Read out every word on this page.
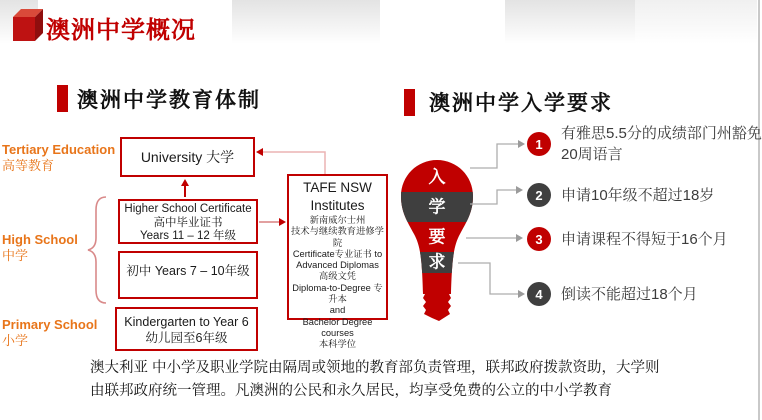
澳洲中学概况
澳洲中学教育体制	澳洲中学入学要求
Tertiary Education
高等教育
High School
中学
Primary School
小学
University 大学
Higher School Certificate
高中毕业证书
Years 11 – 12 年级
初中 Years 7 – 10年级
Kindergarten to Year 6
幼儿园至6年级
TAFE NSW
Institutes
新南威尔士州
技术与继续教育进修学院
Certificate专业证书 to
Advanced Diplomas
高级文凭
Diploma-to-Degree 专升本
and
Bachelor Degree courses
本科学位
入
学
要
求
1
有雅思5.5分的成绩部门州豁免20周语言
2	申请10年级不超过18岁
3	申请课程不得短于16个月
4	倒读不能超过18个月
澳大利亚 中小学及职业学院由隔周或领地的教育部负责管理，联邦政府拨款资助，大学则由联邦政府统一管理。凡澳洲的公民和永久居民，均享受免费的公立的中小学教育
